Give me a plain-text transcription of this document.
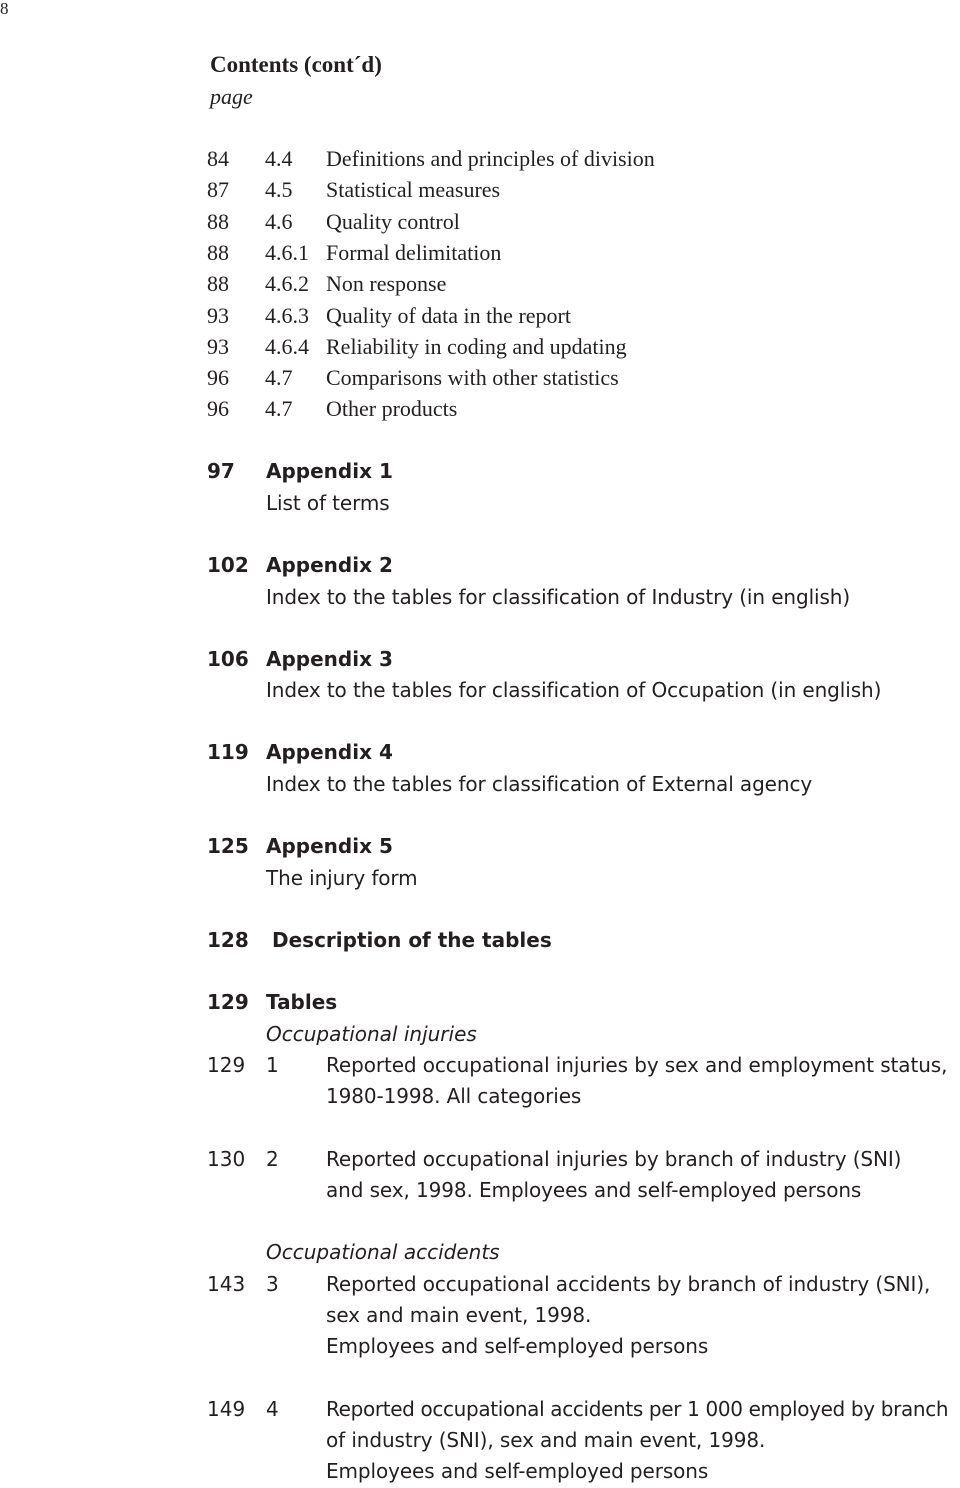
8
Contents (cont´d)
page
84 4.4 Definitions and principles of division
87 4.5 Statistical measures
88 4.6 Quality control
88 4.6.1 Formal delimitation
88 4.6.2 Non response
93 4.6.3 Quality of data in the report
93 4.6.4 Reliability in coding and updating
96 4.7 Comparisons with other statistics
96 4.7 Other products
97 Appendix 1
List of terms
102 Appendix 2
Index to the tables for classification of Industry (in english)
106 Appendix 3
Index to the tables for classification of Occupation (in english)
119 Appendix 4
Index to the tables for classification of External agency
125 Appendix 5
The injury form
128 Description of the tables
129 Tables
Occupational injuries
129 1 Reported occupational injuries by sex and employment status,
1980-1998. All categories
130 2 Reported occupational injuries by branch of industry (SNI)
and sex, 1998. Employees and self-employed persons
Occupational accidents
143 3 Reported occupational accidents by branch of industry (SNI),
sex and main event, 1998.
Employees and self-employed persons
149 4 Reported occupational accidents per 1 000 employed by branch
of industry (SNI), sex and main event, 1998.
Employees and self-employed persons
